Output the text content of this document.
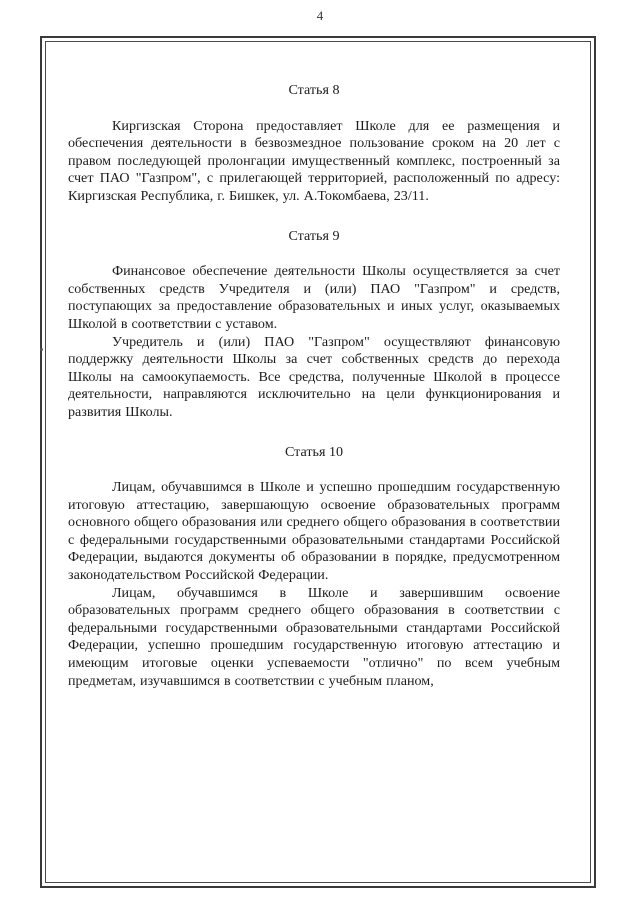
4

Статья 8

Киргизская Сторона предоставляет Школе для ее размещения и обеспечения деятельности в безвозмездное пользование сроком на 20 лет с правом последующей пролонгации имущественный комплекс, построенный за счет ПАО "Газпром", с прилегающей территорией, расположенный по адресу: Киргизская Республика, г. Бишкек, ул. А.Токомбаева, 23/11.

Статья 9

Финансовое обеспечение деятельности Школы осуществляется за счет собственных средств Учредителя и (или) ПАО "Газпром" и средств, поступающих за предоставление образовательных и иных услуг, оказываемых Школой в соответствии с уставом.

Учредитель и (или) ПАО "Газпром" осуществляют финансовую поддержку деятельности Школы за счет собственных средств до перехода Школы на самоокупаемость. Все средства, полученные Школой в процессе деятельности, направляются исключительно на цели функционирования и развития Школы.

Статья 10

Лицам, обучавшимся в Школе и успешно прошедшим государственную итоговую аттестацию, завершающую освоение образовательных программ основного общего образования или среднего общего образования в соответствии с федеральными государственными образовательными стандартами Российской Федерации, выдаются документы об образовании в порядке, предусмотренном законодательством Российской Федерации.

Лицам, обучавшимся в Школе и завершившим освоение образовательных программ среднего общего образования в соответствии с федеральными государственными образовательными стандартами Российской Федерации, успешно прошедшим государственную итоговую аттестацию и имеющим итоговые оценки успеваемости "отлично" по всем учебным предметам, изучавшимся в соответствии с учебным планом,
